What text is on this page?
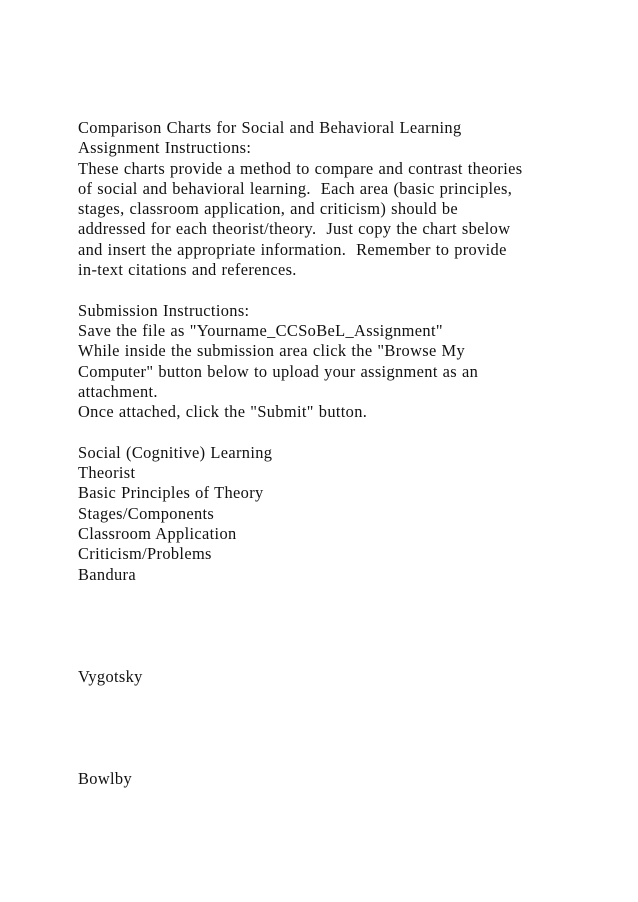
Comparison Charts for Social and Behavioral Learning
Assignment Instructions:
These charts provide a method to compare and contrast theories
of social and behavioral learning.  Each area (basic principles,
stages, classroom application, and criticism) should be
addressed for each theorist/theory.  Just copy the chart sbelow
and insert the appropriate information.  Remember to provide
in-text citations and references.
Submission Instructions:
Save the file as "Yourname_CCSoBeL_Assignment"
While inside the submission area click the "Browse My
Computer" button below to upload your assignment as an
attachment.
Once attached, click the "Submit" button.
Social (Cognitive) Learning
Theorist
Basic Principles of Theory
Stages/Components
Classroom Application
Criticism/Problems
Bandura
Vygotsky
Bowlby
